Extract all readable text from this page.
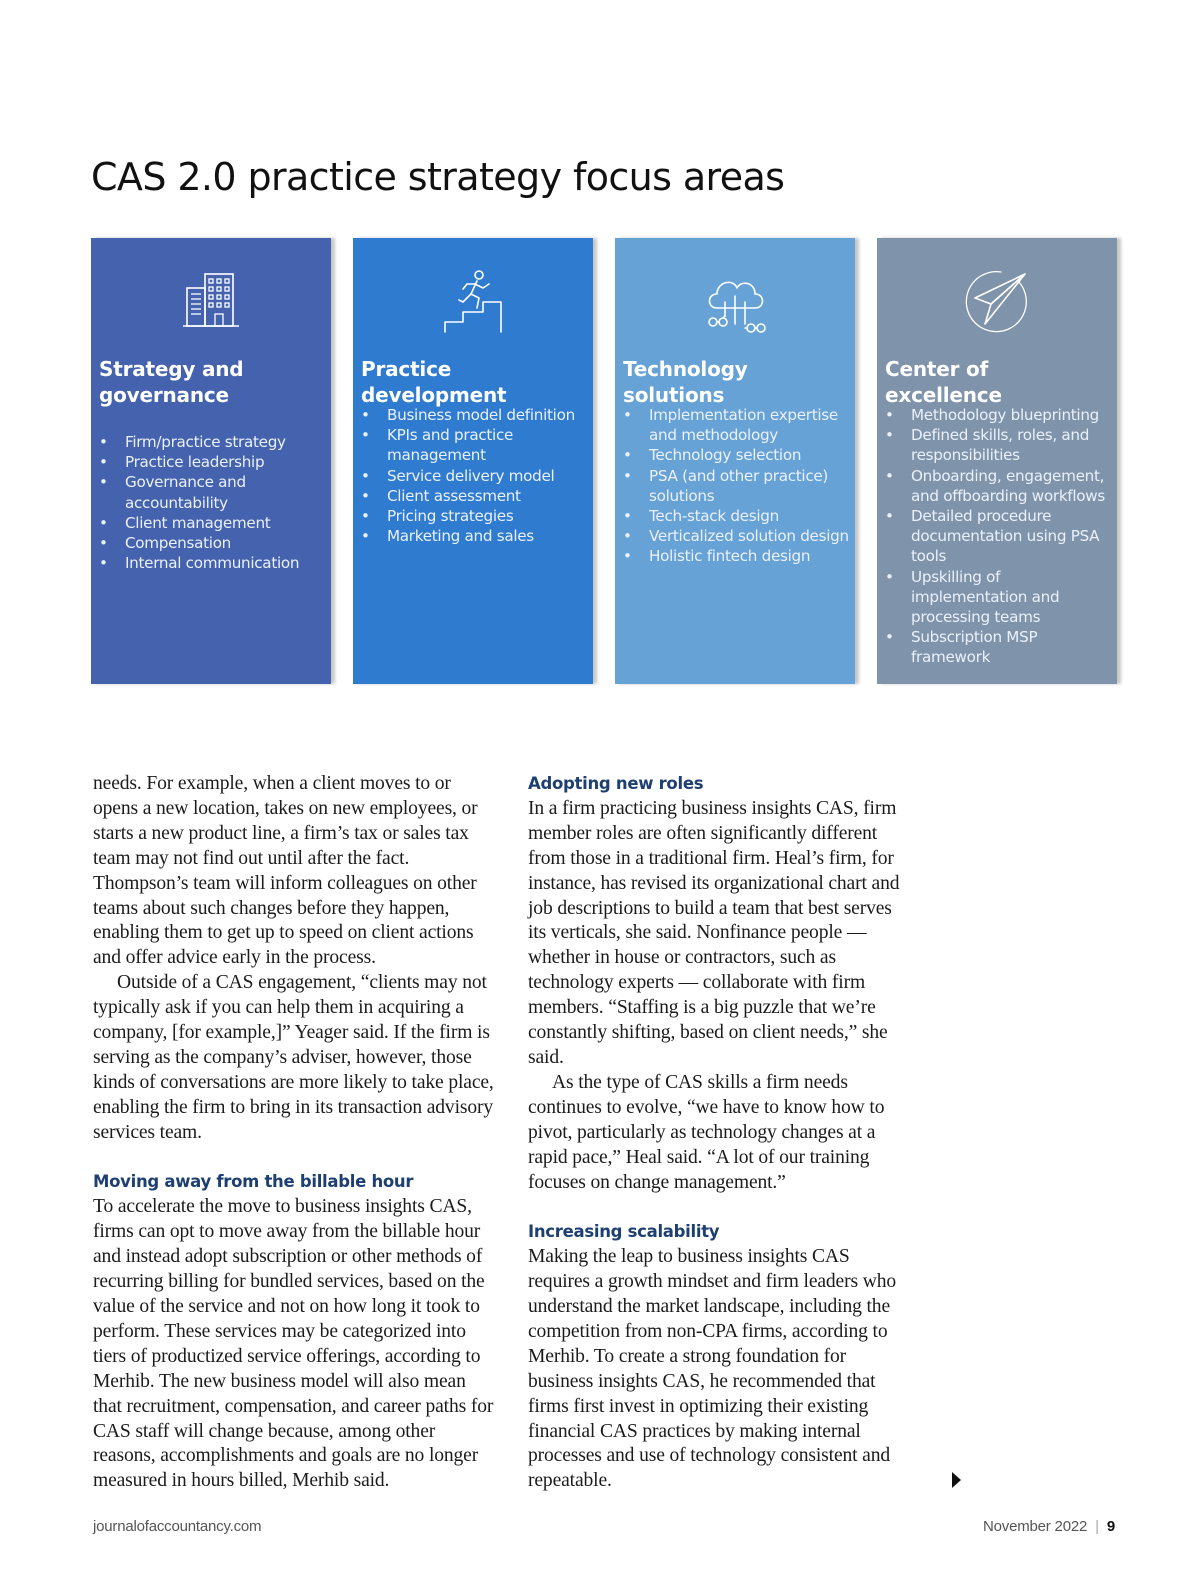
CAS 2.0 practice strategy focus areas
Strategy and governance
• Firm/practice strategy
• Practice leadership
• Governance and accountability
• Client management
• Compensation
• Internal communication
Practice development
• Business model definition
• KPIs and practice management
• Service delivery model
• Client assessment
• Pricing strategies
• Marketing and sales
Technology solutions
• Implementation expertise and methodology
• Technology selection
• PSA (and other practice) solutions
• Tech-stack design
• Verticalized solution design
• Holistic fintech design
Center of excellence
• Methodology blueprinting
• Defined skills, roles, and responsibilities
• Onboarding, engagement, and offboarding workflows
• Detailed procedure documentation using PSA tools
• Upskilling of implementation and processing teams
• Subscription MSP framework

needs. For example, when a client moves to or opens a new location, takes on new employees, or starts a new product line, a firm’s tax or sales tax team may not find out until after the fact. Thompson’s team will inform colleagues on other teams about such changes before they happen, enabling them to get up to speed on client actions and offer advice early in the process.

Outside of a CAS engagement, “clients may not typically ask if you can help them in acquiring a company, [for example,]” Yeager said. If the firm is serving as the company’s adviser, however, those kinds of conversations are more likely to take place, enabling the firm to bring in its transaction advisory services team.

Moving away from the billable hour

To accelerate the move to business insights CAS, firms can opt to move away from the billable hour and instead adopt subscription or other methods of recurring billing for bundled services, based on the value of the service and not on how long it took to perform. These services may be categorized into tiers of productized service offerings, according to Merhib. The new business model will also mean that recruitment, compensation, and career paths for CAS staff will change because, among other reasons, accomplishments and goals are no longer measured in hours billed, Merhib said.

Adopting new roles

In a firm practicing business insights CAS, firm member roles are often significantly different from those in a traditional firm. Heal’s firm, for instance, has revised its organizational chart and job descriptions to build a team that best serves its verticals, she said. Nonfinance people — whether in house or contractors, such as technology experts — collaborate with firm members. “Staffing is a big puzzle that we’re constantly shifting, based on client needs,” she said.

As the type of CAS skills a firm needs continues to evolve, “we have to know how to pivot, particularly as technology changes at a rapid pace,” Heal said. “A lot of our training focuses on change management.”

Increasing scalability

Making the leap to business insights CAS requires a growth mindset and firm leaders who understand the market landscape, including the competition from non-CPA firms, according to Merhib. To create a strong foundation for business insights CAS, he recommended that firms first invest in optimizing their existing financial CAS practices by making internal processes and use of technology consistent and repeatable.

journalofaccountancy.com	November 2022 | 9
